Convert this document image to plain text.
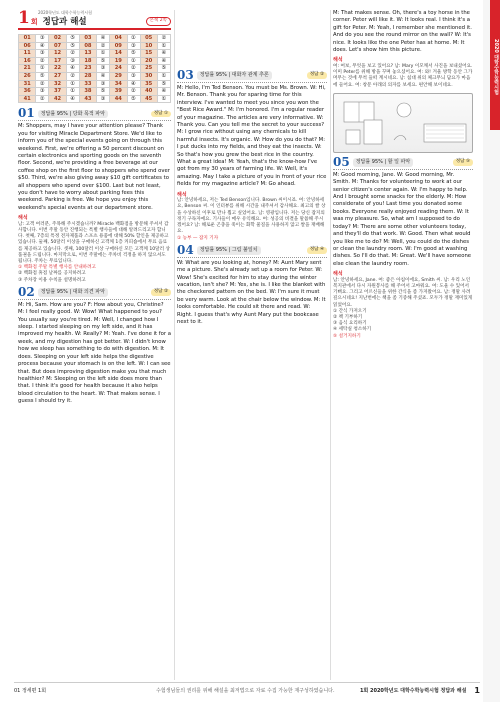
2020학년도 대학수학능력시험
1 회 정답과 해설	본책 2쪽
01	③	02	⑤	03	④	04	①	05	②
06	④	07	⑤	08	②	09	③	10	①
11	③	12	②	13	①	14	⑤	15	④
16	②	17	③	18	⑤	19	①	20	④
21	①	22	④	23	③	24	②	25	⑤
26	⑤	27	②	28	④	29	③	30	①
31	②	32	①	33	③	34	④	35	⑤
36	③	37	①	38	⑤	39	②	40	④
41	②	42	④	43	③	44	⑤	45	①
01	정답률 95% | 당화 목적 파악	정답 ①
M: Shoppers, may I have your attention please? Thank you for visiting Miracle Department Store. We'd like to inform you of the special events going on through this weekend. First, we're offering a 50 percent discount on certain electronics and sporting goods on the seventh floor. Second, we're providing a free beverage at our coffee shop on the first floor to shoppers who spend over $50. Third, we're also giving away $10 gift certificates to all shoppers who spend over $100. Last but not least, you don't have to worry about parking fees this weekend. Parking is free. We hope you enjoy this weekend's special events at our department store.
해석
남: 고객 여러분, 주목해 주시겠습니까? Miracle 백화점을 방문해 주셔서 감사합니다. 이번 주말 동안 진행되는 특별 행사들에 대해 알려드리고자 합니다. 첫째, 7층의 특정 전자제품과 스포츠 용품에 대해 50% 할인을 제공하고 있습니다. 둘째, 50달러 이상을 구매하신 고객께 1층 커피숍에서 무료 음료를 제공하고 있습니다. 셋째, 100달러 이상 구매하신 모든 고객께 10달러 상품권을 드립니다. 마지막으로, 이번 주말에는 주차비 걱정을 하지 않으셔도 됩니다. 주차는 무료입니다.
① 백화점 주말 특별 행사를 안내하려고
② 백화점 휴점 날짜를 공지하려고
③ 주차장 이용 수칙을 설명하려고
02	정답률 95% | 대화 의견 파악	정답 ②
M: Hi, Sam. How are you? F: How about you, Christine? M: I feel really good. W: Wow! What happened to you? You usually say you're tired. M: Well, I changed how I sleep. I started sleeping on my left side, and it has improved my health. W: Really? M: Yeah. I've done it for a week, and my digestion has got better. W: I didn't know how we sleep has something to do with digestion. M: It does. Sleeping on your left side helps the digestive process because your stomach is on the left. W: I can see that. But does improving digestion make you that much healthier? M: Sleeping on the left side does more than that. I think it's good for health because it also helps blood circulation to the heart. W: That makes sense. I guess I should try it.
03	정답률 95% | 대화자 관계 추론	정답 ②
M: Hello, I'm Ted Benson. You must be Ms. Brown. W: Hi, Mr. Benson. Thank you for sparing time for this interview. I've wanted to meet you since you won the "Best Rice Award." M: I'm honored. I'm a regular reader of your magazine. The articles are very informative. W: Thank you. Can you tell me the secret to your success? M: I grow rice without using any chemicals to kill harmful insects. It's organic. W: How do you do that? M: I put ducks into my fields, and they eat the insects. W: So that's how you grew the best rice in the country. What a great idea! M: Yeah, that's the know-how I've got from my 30 years of farming life. W: Well, it's amazing. May I take a picture of you in front of your rice fields for my magazine article? M: Go ahead.
해석
남: 안녕하세요, 저는 Ted Benson입니다. Brown 씨이시죠. 여: 안녕하세요, Benson 씨. 이 인터뷰를 위해 시간을 내주셔서 감사해요. 최고의 쌀 상을 수상하신 이후로 만나 뵙고 싶었어요. 남: 영광입니다. 저는 당신 잡지의 정기 구독자예요. 기사들이 매우 유익해요. 여: 성공의 비결을 말씀해 주시겠어요? 남: 해로운 곤충을 죽이는 화학 물질을 사용하지 않고 쌀을 재배해요.
① 농부 — 잡지 기자
04	정답률 95% | 그림 불일치	정답 ④
W: What are you looking at, honey? M: Aunt Mary sent me a picture. She's already set up a room for Peter. W: Wow! She's excited for him to stay during the winter vacation, isn't she? M: Yes, she is. I like the blanket with the checkered pattern on the bed. W: I'm sure it must be very warm. Look at the chair below the window. M: It looks comfortable. He could sit there and read. W: Right. I guess that's why Aunt Mary put the bookcase next to it.
M: That makes sense. Oh, there's a toy horse in the corner. Peter will like it. W: It looks real. I think it's a gift for Peter. M: Yeah, I remember she mentioned it. And do you see the round mirror on the wall? W: It's nice. It looks like the one Peter has at home. M: It does. Let's show him this picture.
해석
여: 여보, 무엇을 보고 있어요? 남: Mary 이모께서 사진을 보내셨어요. 이미 Peter를 위해 방을 꾸며 놓으셨어요. 여: 와! 겨울 방학 동안 그가 머무는 것에 무척 들떠 계시네요. 남: 침대 위의 체크무늬 담요가 마음에 들어요. 여: 창문 아래의 의자를 보세요. 편안해 보이네요.
05	정답률 95% | 할 일 파악	정답 ⑤
M: Good morning, Jane. W: Good morning, Mr. Smith. M: Thanks for volunteering to work at our senior citizen's center again. W: I'm happy to help. And I brought some snacks for the elderly. M: How considerate of you! Last time you donated some books. Everyone really enjoyed reading them. W: It was my pleasure. So, what am I supposed to do today? M: There are some other volunteers today, and they'll do that work. W: Good. Then what would you like me to do? M: Well, you could do the dishes or clean the laundry room. W: I'm good at washing dishes. So I'll do that. M: Great. We'll have someone else clean the laundry room.
해석
남: 안녕하세요, Jane. 여: 좋은 아침이에요, Smith 씨. 남: 우리 노인 복지관에서 다시 자원봉사를 해 주어서 고마워요. 여: 도울 수 있어서 기뻐요. 그리고 어르신들을 위한 간식을 좀 가져왔어요. 남: 정말 사려 깊으시네요! 지난번에는 책을 좀 기증해 주셨죠. 모두가 정말 재미있게 읽었어요.
① 간식 가져오기
② 책 기부하기
③ 음식 요리하기
④ 세탁실 청소하기
⑤ 설거지하기
2020 대학수학능력시험
01 정세편 1회	수험생님들의 권리를 위해 해설을 최저법으로 자료 수집 가능한 재구성하였습니다.	1회 2020학년도 대학수학능력시험 정답과 해설 1
